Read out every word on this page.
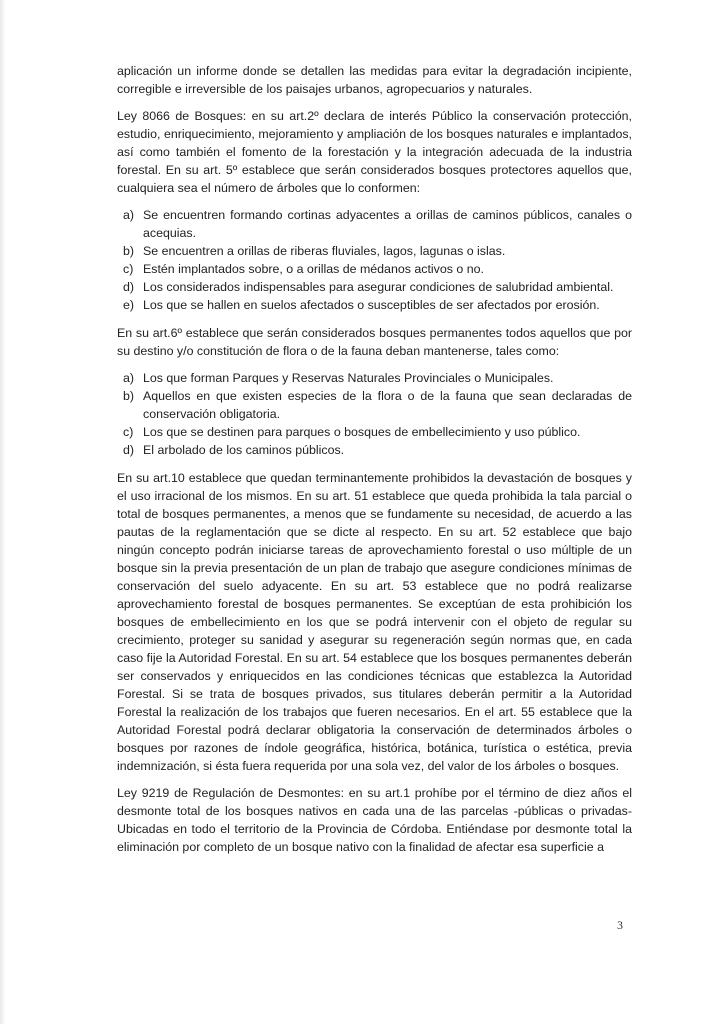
aplicación un informe donde se detallen las medidas para evitar la degradación incipiente, corregible e irreversible de los paisajes urbanos, agropecuarios y naturales.

Ley 8066 de Bosques: en su art.2º declara de interés Público la conservación protección, estudio, enriquecimiento, mejoramiento y ampliación de los bosques naturales e implantados, así como también el fomento de la forestación y la integración adecuada de la industria forestal. En su art. 5º establece que serán considerados bosques protectores aquellos que, cualquiera sea el número de árboles que lo conformen:

a) Se encuentren formando cortinas adyacentes a orillas de caminos públicos, canales o acequias.
b) Se encuentren a orillas de riberas fluviales, lagos, lagunas o islas.
c) Estén implantados sobre, o a orillas de médanos activos o no.
d) Los considerados indispensables para asegurar condiciones de salubridad ambiental.
e) Los que se hallen en suelos afectados o susceptibles de ser afectados por erosión.

En su art.6º establece que serán considerados bosques permanentes todos aquellos que por su destino y/o constitución de flora o de la fauna deban mantenerse, tales como:

a) Los que forman Parques y Reservas Naturales Provinciales o Municipales.
b) Aquellos en que existen especies de la flora o de la fauna que sean declaradas de conservación obligatoria.
c) Los que se destinen para parques o bosques de embellecimiento y uso público.
d) El arbolado de los caminos públicos.

En su art.10 establece que quedan terminantemente prohibidos la devastación de bosques y el uso irracional de los mismos. En su art. 51 establece que queda prohibida la tala parcial o total de bosques permanentes, a menos que se fundamente su necesidad, de acuerdo a las pautas de la reglamentación que se dicte al respecto. En su art. 52 establece que bajo ningún concepto podrán iniciarse tareas de aprovechamiento forestal o uso múltiple de un bosque sin la previa presentación de un plan de trabajo que asegure condiciones mínimas de conservación del suelo adyacente. En su art. 53 establece que no podrá realizarse aprovechamiento forestal de bosques permanentes. Se exceptúan de esta prohibición los bosques de embellecimiento en los que se podrá intervenir con el objeto de regular su crecimiento, proteger su sanidad y asegurar su regeneración según normas que, en cada caso fije la Autoridad Forestal. En su art. 54 establece que los bosques permanentes deberán ser conservados y enriquecidos en las condiciones técnicas que establezca la Autoridad Forestal. Si se trata de bosques privados, sus titulares deberán permitir a la Autoridad Forestal la realización de los trabajos que fueren necesarios. En el art. 55 establece que la Autoridad Forestal podrá declarar obligatoria la conservación de determinados árboles o bosques por razones de índole geográfica, histórica, botánica, turística o estética, previa indemnización, si ésta fuera requerida por una sola vez, del valor de los árboles o bosques.

Ley 9219 de Regulación de Desmontes: en su art.1 prohíbe por el término de diez años el desmonte total de los bosques nativos en cada una de las parcelas -públicas o privadas- Ubicadas en todo el territorio de la Provincia de Córdoba. Entiéndase por desmonte total la eliminación por completo de un bosque nativo con la finalidad de afectar esa superficie a

3
